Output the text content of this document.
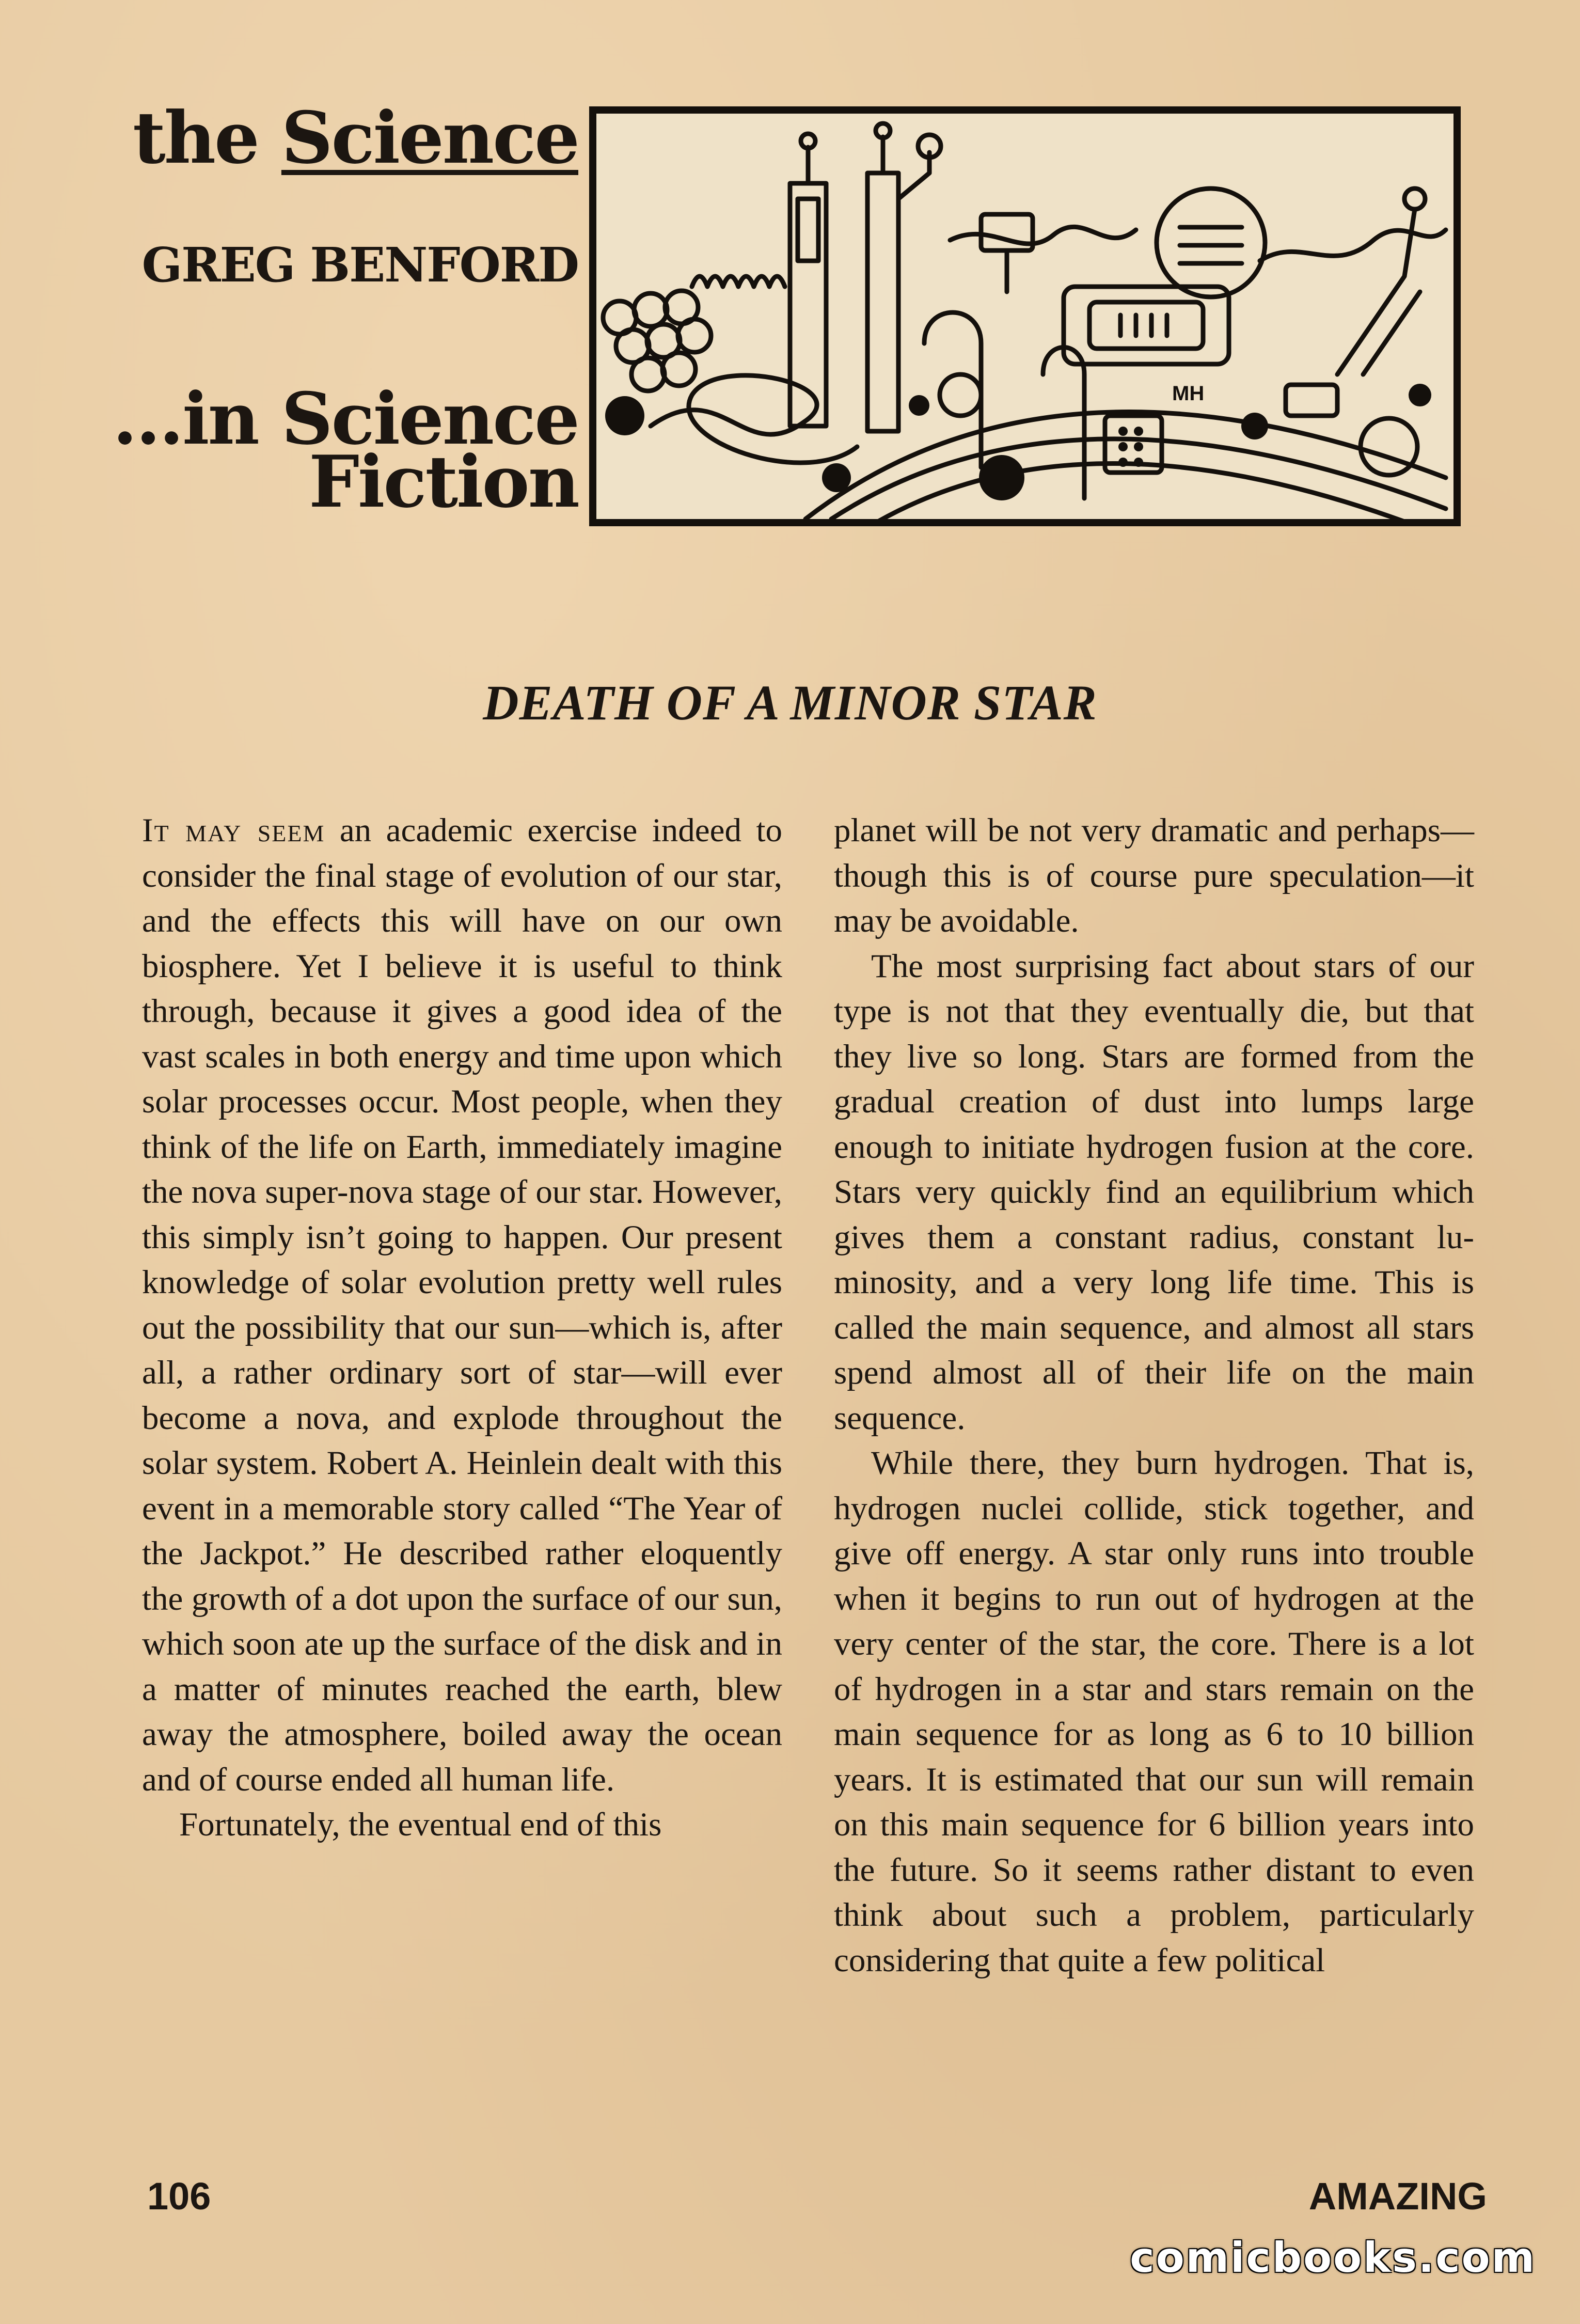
the Science

GREG BENFORD

...in Science
Fiction

MH
DEATH OF A MINOR STAR

It may seem an academic exercise indeed to consider the final stage of evolution of our star, and the effects this will have on our own biosphere. Yet I believe it is useful to think through, because it gives a good idea of the vast scales in both energy and time upon which solar processes occur. Most people, when they think of the life on Earth, immediately imagine the nova super-nova stage of our star. However, this simply isn’t going to happen. Our present knowledge of solar evolution pretty well rules out the possibility that our sun—which is, after all, a rather ordinary sort of star—will ever become a nova, and explode throughout the solar system. Robert A. Heinlein dealt with this event in a memorable story called “The Year of the Jackpot.” He described rather eloquently the growth of a dot upon the surface of our sun, which soon ate up the surface of the disk and in a matter of minutes reached the earth, blew away the atmosphere, boiled away the ocean and of course ended all human life.

Fortunately, the eventual end of this

planet will be not very dramatic and perhaps—though this is of course pure speculation—it may be avoidable.

The most surprising fact about stars of our type is not that they eventually die, but that they live so long. Stars are formed from the gradual creation of dust into lumps large enough to initiate hydrogen fusion at the core. Stars very quickly find an equilibrium which gives them a constant radius, constant luminosity, and a very long life time. This is called the main sequence, and almost all stars spend almost all of their life on the main sequence.

While there, they burn hydrogen. That is, hydrogen nuclei collide, stick together, and give off energy. A star only runs into trouble when it begins to run out of hydrogen at the very center of the star, the core. There is a lot of hydrogen in a star and stars remain on the main sequence for as long as 6 to 10 billion years. It is estimated that our sun will remain on this main sequence for 6 billion years into the future. So it seems rather distant to even think about such a problem, particularly considering that quite a few political

106	AMAZING

comicbooks.com
